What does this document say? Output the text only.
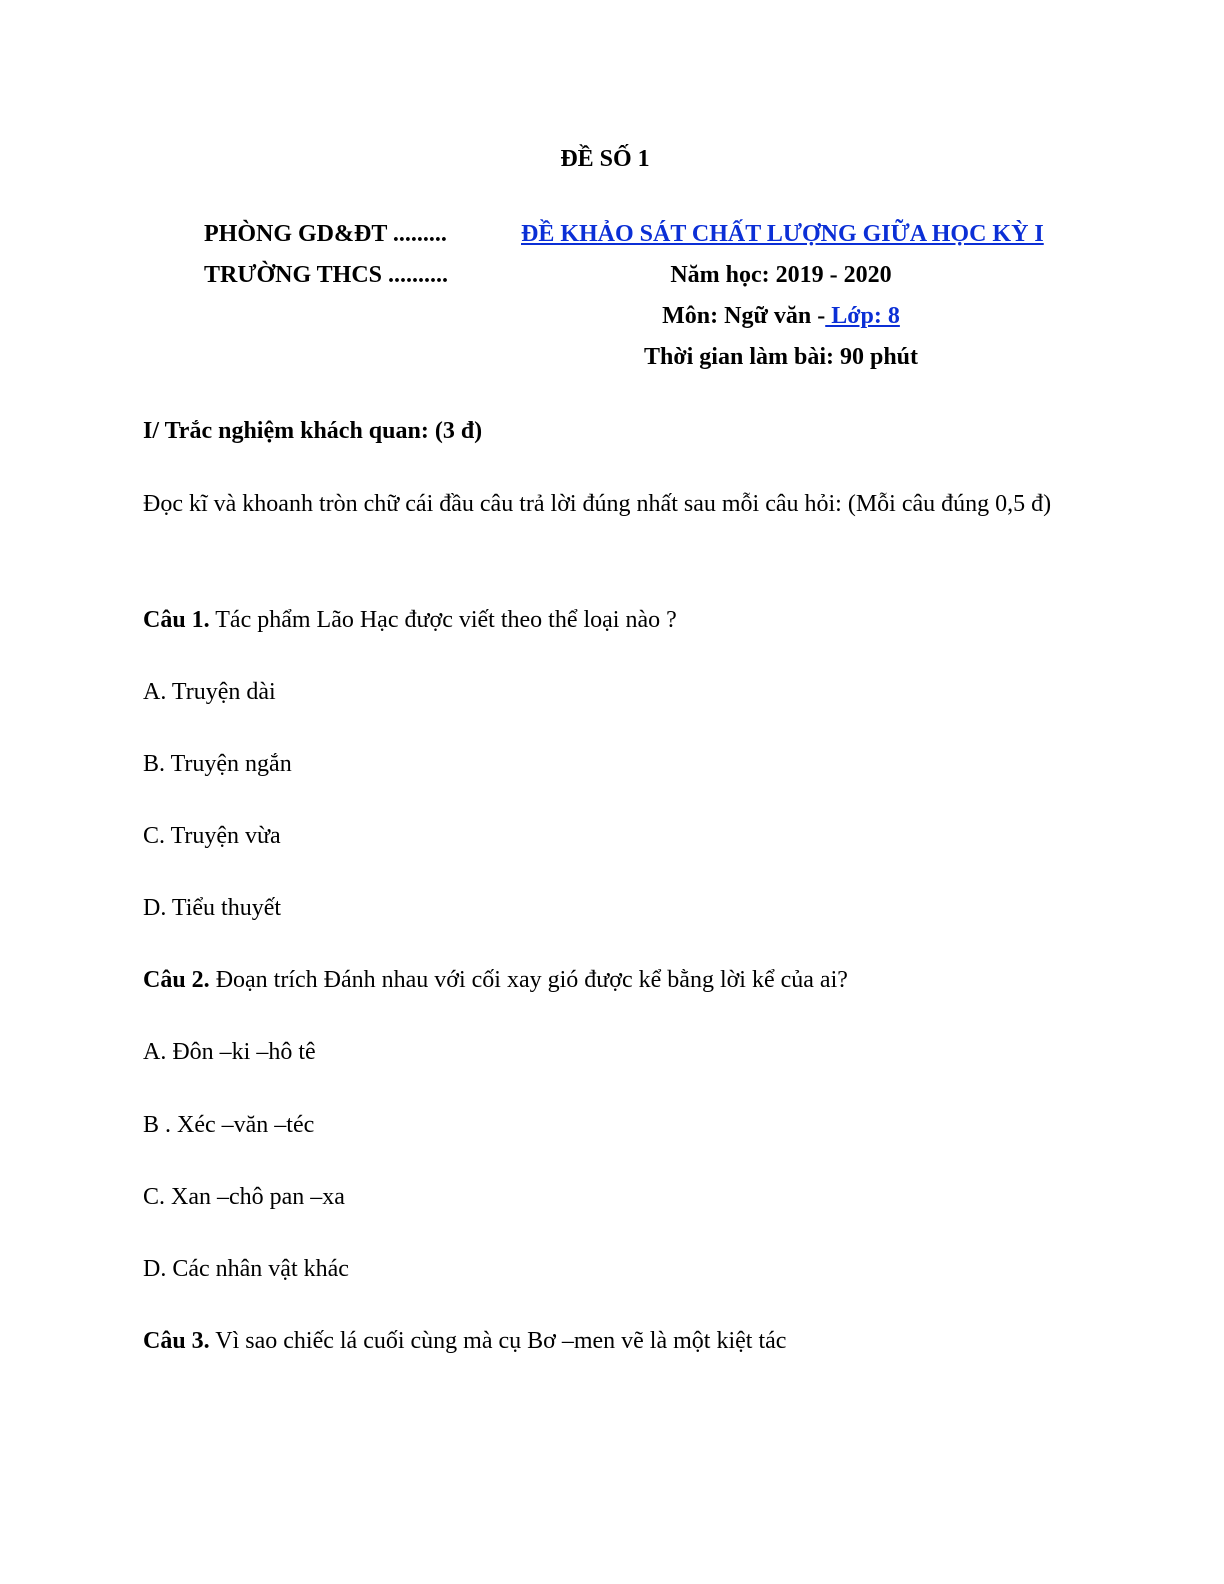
ĐỀ SỐ 1
PHÒNG GD&ĐT .........
TRƯỜNG THCS ..........
ĐỀ KHẢO SÁT CHẤT LƯỢNG GIỮA HỌC KỲ I
Năm học: 2019 - 2020
Môn: Ngữ văn - Lớp: 8
Thời gian làm bài: 90 phút
I/ Trắc nghiệm khách quan: (3 đ)
Đọc kĩ và khoanh tròn chữ cái đầu câu trả lời đúng nhất sau mỗi câu hỏi: (Mỗi câu đúng 0,5 đ)
Câu 1. Tác phẩm Lão Hạc được viết theo thể loại nào ?
A. Truyện dài
B. Truyện ngắn
C. Truyện vừa
D. Tiểu thuyết
Câu 2. Đoạn trích Đánh nhau với cối xay gió được kể bằng lời kể của ai?
A. Đôn –ki –hô tê
B . Xéc –văn –téc
C. Xan –chô pan –xa
D. Các nhân vật khác
Câu 3. Vì sao chiếc lá cuối cùng mà cụ Bơ –men vẽ là một kiệt tác
